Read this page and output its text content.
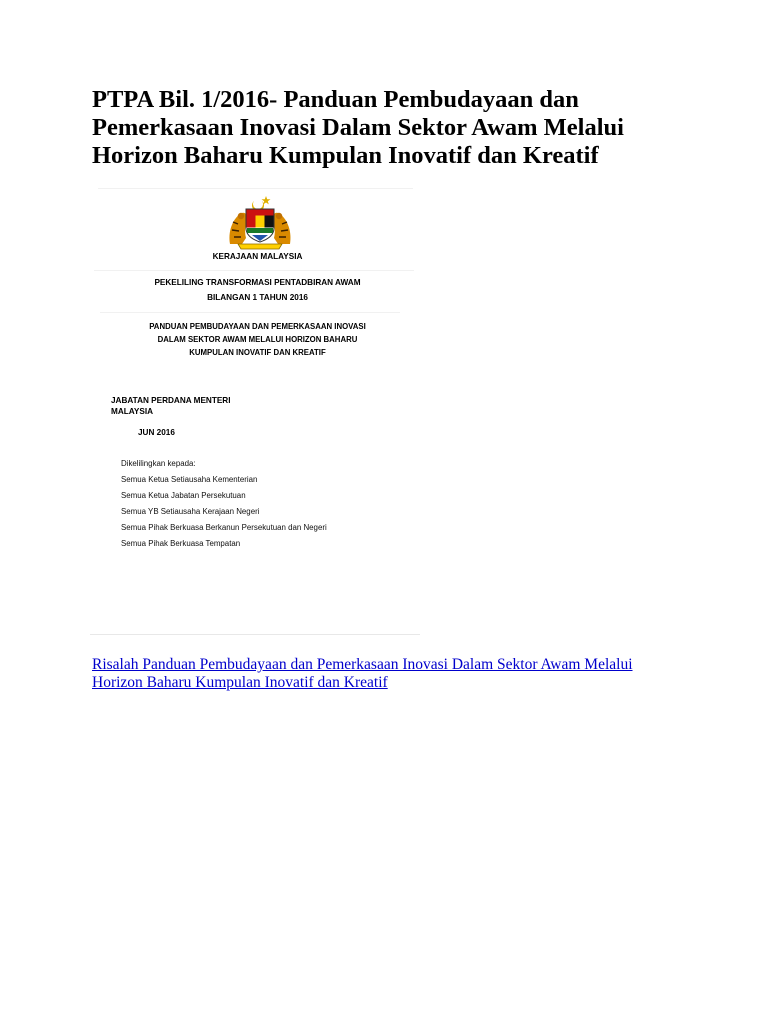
PTPA Bil. 1/2016- Panduan Pembudayaan dan
Pemerkasaan Inovasi Dalam Sektor Awam Melalui
Horizon Baharu Kumpulan Inovatif dan Kreatif
KERAJAAN MALAYSIA
PEKELILING TRANSFORMASI PENTADBIRAN AWAM
BILANGAN 1 TAHUN 2016
PANDUAN PEMBUDAYAAN DAN PEMERKASAAN INOVASI
DALAM SEKTOR AWAM MELALUI HORIZON BAHARU
KUMPULAN INOVATIF DAN KREATIF
JABATAN PERDANA MENTERI
MALAYSIA
JUN 2016
Dikelilingkan kepada:
Semua Ketua Setiausaha Kementerian
Semua Ketua Jabatan Persekutuan
Semua YB Setiausaha Kerajaan Negeri
Semua Pihak Berkuasa Berkanun Persekutuan dan Negeri
Semua Pihak Berkuasa Tempatan

Risalah Panduan Pembudayaan dan Pemerkasaan Inovasi Dalam Sektor Awam Melalui
Horizon Baharu Kumpulan Inovatif dan Kreatif
